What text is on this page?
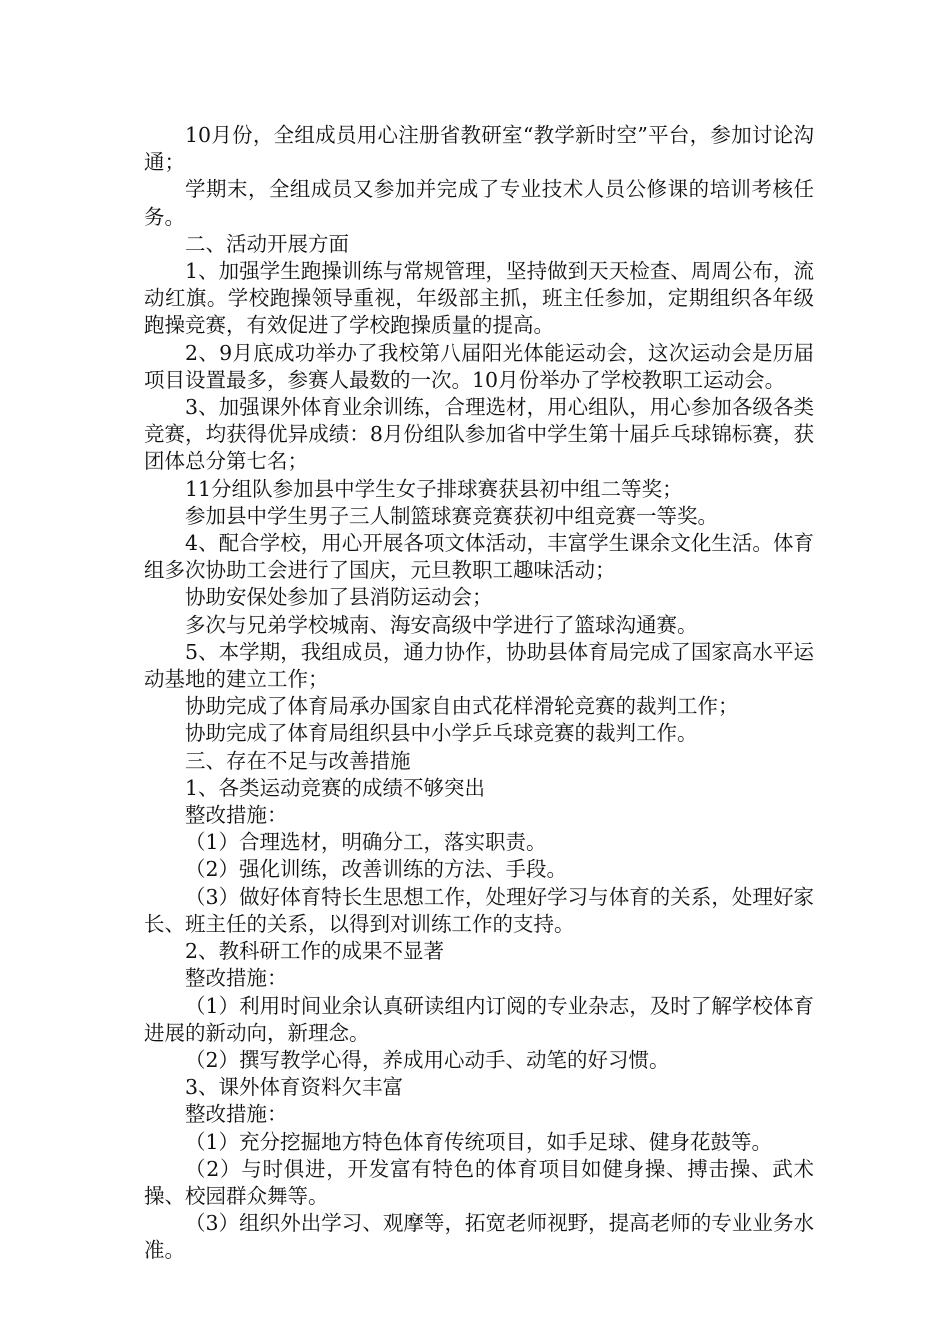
10月份，全组成员用心注册省教研室“教学新时空”平台，参加讨论沟通；

学期末，全组成员又参加并完成了专业技术人员公修课的培训考核任务。

二、活动开展方面

1、加强学生跑操训练与常规管理，坚持做到天天检查、周周公布，流动红旗。学校跑操领导重视，年级部主抓，班主任参加，定期组织各年级跑操竞赛，有效促进了学校跑操质量的提高。

2、9月底成功举办了我校第八届阳光体能运动会，这次运动会是历届项目设置最多，参赛人最数的一次。10月份举办了学校教职工运动会。

3、加强课外体育业余训练，合理选材，用心组队，用心参加各级各类竞赛，均获得优异成绩：8月份组队参加省中学生第十届乒乓球锦标赛，获团体总分第七名；

11分组队参加县中学生女子排球赛获县初中组二等奖；

参加县中学生男子三人制篮球赛竞赛获初中组竞赛一等奖。

4、配合学校，用心开展各项文体活动，丰富学生课余文化生活。体育组多次协助工会进行了国庆，元旦教职工趣味活动；

协助安保处参加了县消防运动会；

多次与兄弟学校城南、海安高级中学进行了篮球沟通赛。

5、本学期，我组成员，通力协作，协助县体育局完成了国家高水平运动基地的建立工作；

协助完成了体育局承办国家自由式花样滑轮竞赛的裁判工作；

协助完成了体育局组织县中小学乒乓球竞赛的裁判工作。

三、存在不足与改善措施

1、各类运动竞赛的成绩不够突出

整改措施：

（1）合理选材，明确分工，落实职责。

（2）强化训练，改善训练的方法、手段。

（3）做好体育特长生思想工作，处理好学习与体育的关系，处理好家长、班主任的关系，以得到对训练工作的支持。

2、教科研工作的成果不显著

整改措施：

（1）利用时间业余认真研读组内订阅的专业杂志，及时了解学校体育进展的新动向，新理念。

（2）撰写教学心得，养成用心动手、动笔的好习惯。

3、课外体育资料欠丰富

整改措施：

（1）充分挖掘地方特色体育传统项目，如手足球、健身花鼓等。

（2）与时俱进，开发富有特色的体育项目如健身操、搏击操、武术操、校园群众舞等。

（3）组织外出学习、观摩等，拓宽老师视野，提高老师的专业业务水准。
